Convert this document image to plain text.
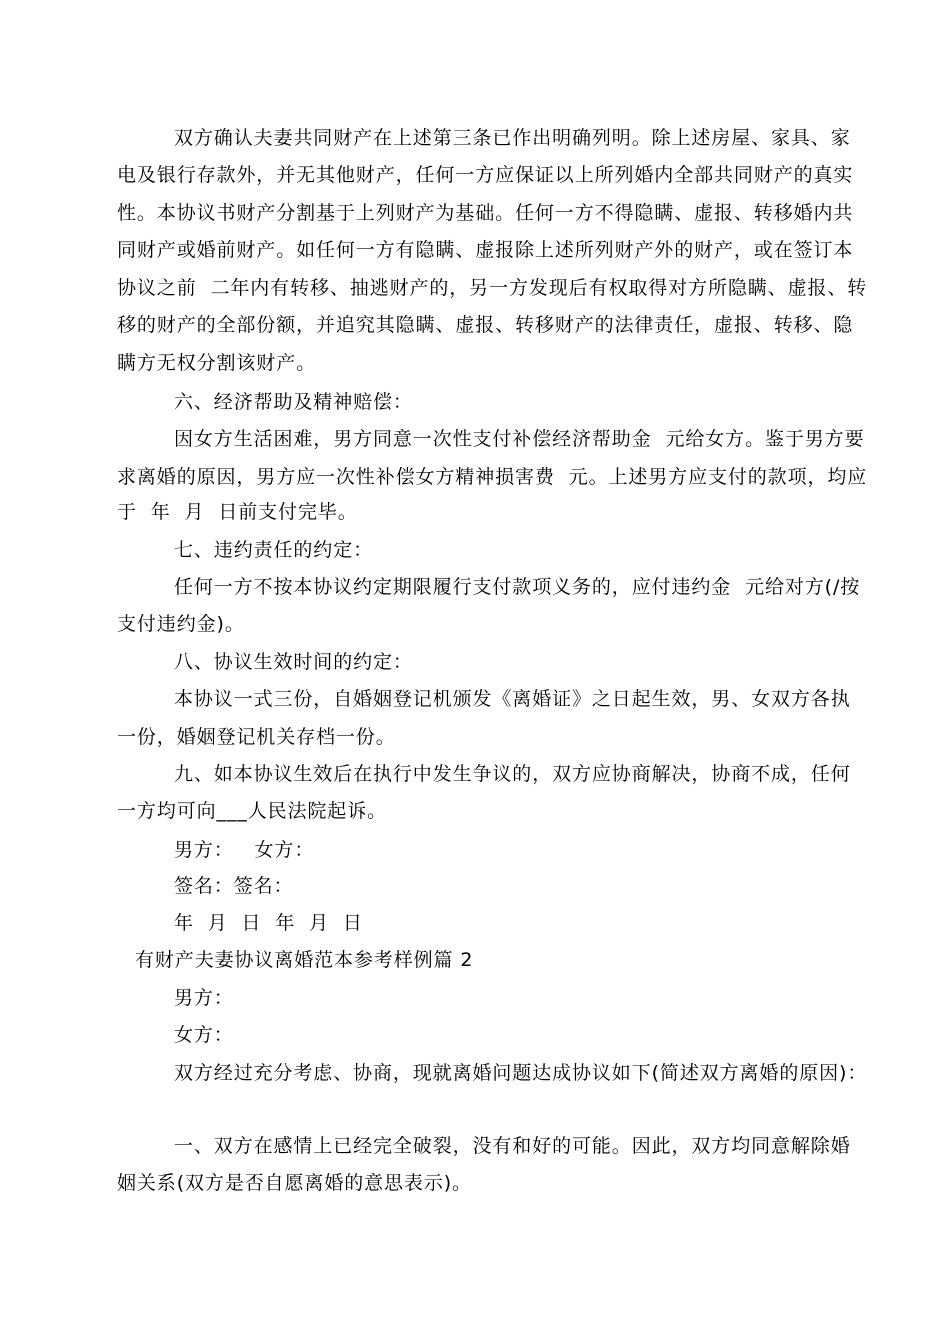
双方确认夫妻共同财产在上述第三条已作出明确列明。除上述房屋、家具、家
电及银行存款外，并无其他财产，任何一方应保证以上所列婚内全部共同财产的真实
性。本协议书财产分割基于上列财产为基础。任何一方不得隐瞒、虚报、转移婚内共
同财产或婚前财产。如任何一方有隐瞒、虚报除上述所列财产外的财产，或在签订本
协议之前  二年内有转移、抽逃财产的，另一方发现后有权取得对方所隐瞒、虚报、转
移的财产的全部份额，并追究其隐瞒、虚报、转移财产的法律责任，虚报、转移、隐
瞒方无权分割该财产。
六、经济帮助及精神赔偿：
因女方生活困难，男方同意一次性支付补偿经济帮助金  元给女方。鉴于男方要
求离婚的原因，男方应一次性补偿女方精神损害费  元。上述男方应支付的款项，均应
于  年  月  日前支付完毕。
七、违约责任的约定：
任何一方不按本协议约定期限履行支付款项义务的，应付违约金  元给对方(/按
支付违约金)。
八、协议生效时间的约定：
本协议一式三份，自婚姻登记机颁发《离婚证》之日起生效，男、女双方各执
一份，婚姻登记机关存档一份。
九、如本协议生效后在执行中发生争议的，双方应协商解决，协商不成，任何
一方均可向___人民法院起诉。
男方：   女方：
签名：签名：
年  月  日  年  月  日
有财产夫妻协议离婚范本参考样例篇 2
男方：
女方：
双方经过充分考虑、协商，现就离婚问题达成协议如下(简述双方离婚的原因)：
一、双方在感情上已经完全破裂，没有和好的可能。因此，双方均同意解除婚
姻关系(双方是否自愿离婚的意思表示)。
